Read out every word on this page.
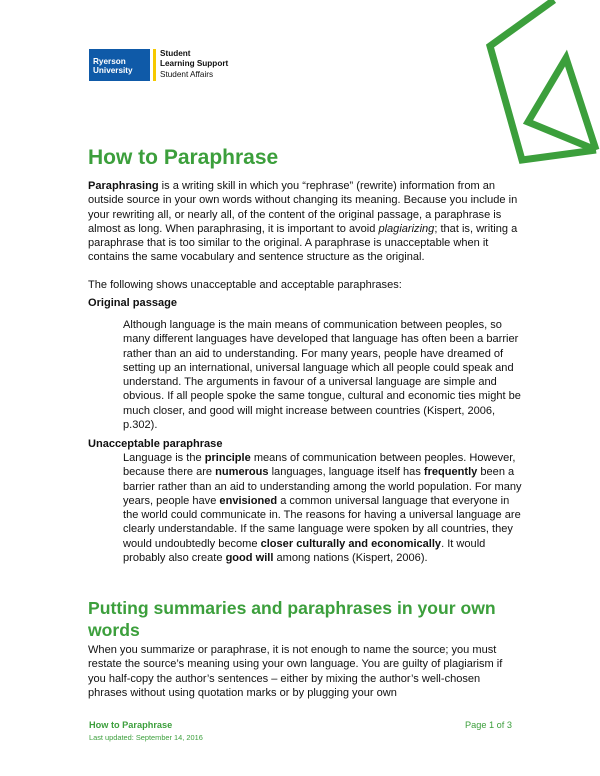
Ryerson
University
Student
Learning Support
Student Affairs
How to Paraphrase

Paraphrasing is a writing skill in which you “rephrase” (rewrite) information from an outside source in your own words without changing its meaning. Because you include in your rewriting all, or nearly all, of the content of the original passage, a paraphrase is almost as long. When paraphrasing, it is important to avoid plagiarizing; that is, writing a paraphrase that is too similar to the original. A paraphrase is unacceptable when it contains the same vocabulary and sentence structure as the original.

The following shows unacceptable and acceptable paraphrases:

Original passage

Although language is the main means of communication between peoples, so many different languages have developed that language has often been a barrier rather than an aid to understanding. For many years, people have dreamed of setting up an international, universal language which all people could speak and understand. The arguments in favour of a universal language are simple and obvious. If all people spoke the same tongue, cultural and economic ties might be much closer, and good will might increase between countries (Kispert, 2006, p.302).

Unacceptable paraphrase

Language is the principle means of communication between peoples. However, because there are numerous languages, language itself has frequently been a barrier rather than an aid to understanding among the world population. For many years, people have envisioned a common universal language that everyone in the world could communicate in. The reasons for having a universal language are clearly understandable. If the same language were spoken by all countries, they would undoubtedly become closer culturally and economically. It would probably also create good will among nations (Kispert, 2006).

Putting summaries and paraphrases in your own words

When you summarize or paraphrase, it is not enough to name the source; you must restate the source’s meaning using your own language. You are guilty of plagiarism if you half-copy the author’s sentences – either by mixing the author’s well-chosen phrases without using quotation marks or by plugging your own

How to Paraphrase
Last updated: September 14, 2016
Page 1 of 3
